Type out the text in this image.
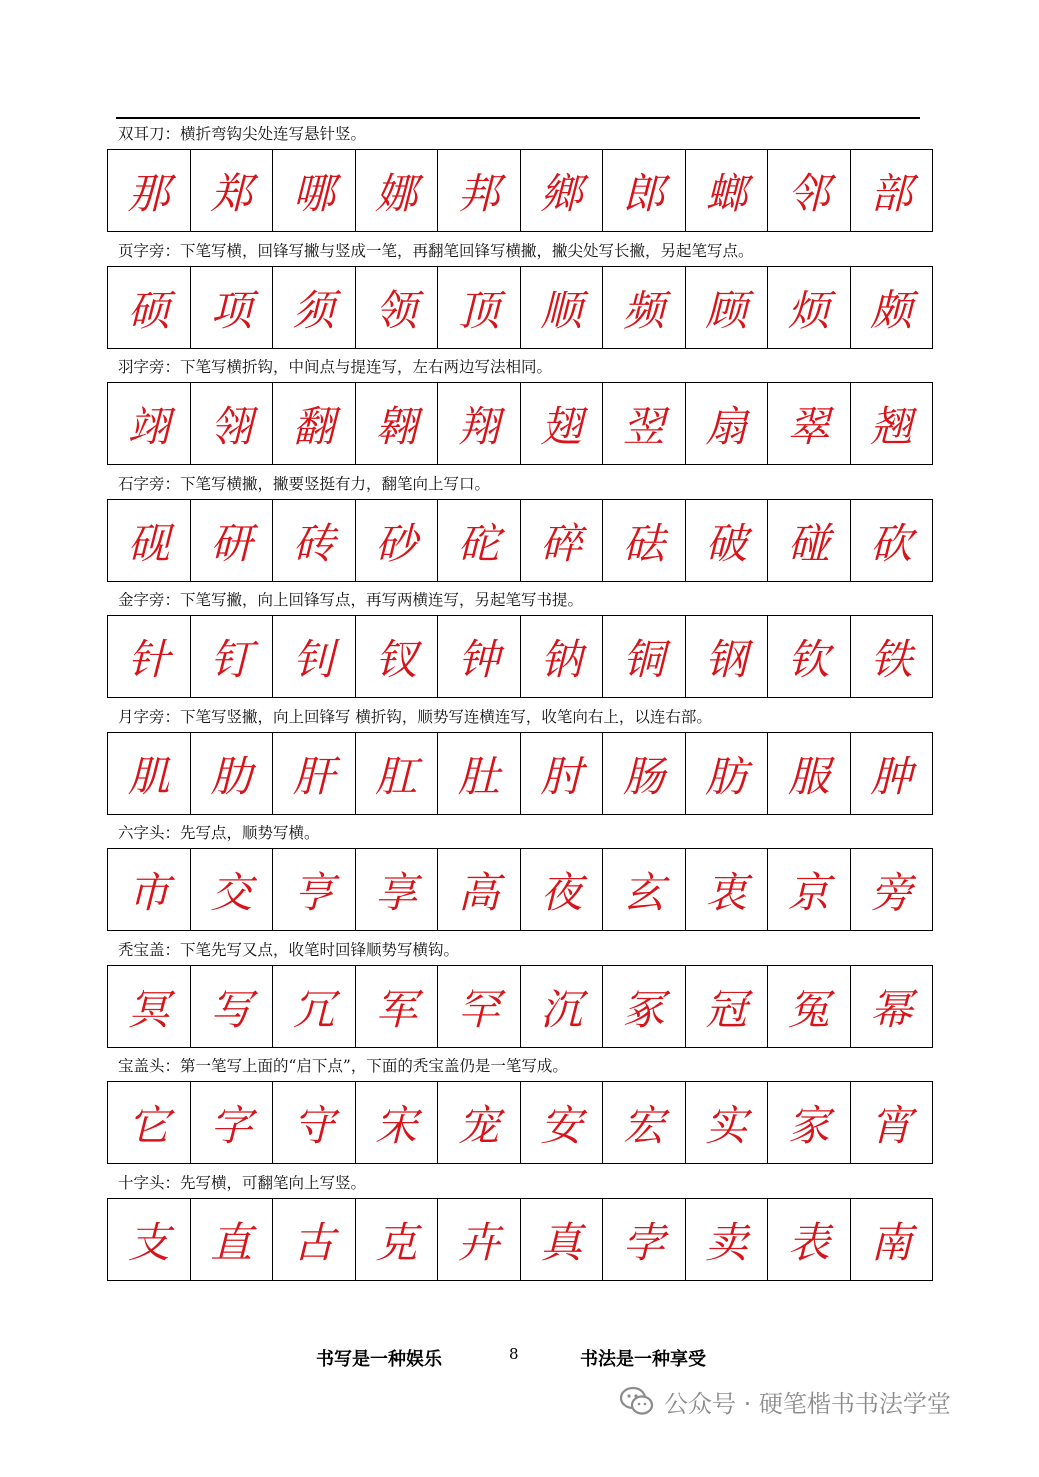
双耳刀：横折弯钩尖处连写悬针竖。
那 郑 哪 娜 邦 鄉 郎 螂 邻 部
页字旁：下笔写横，回锋写撇与竖成一笔，再翻笔回锋写横撇，撇尖处写长撇，另起笔写点。
硕 项 须 领 顶 顺 频 顾 烦 颇
羽字旁：下笔写横折钩，中间点与提连写，左右两边写法相同。
翊 翎 翻 翱 翔 翅 翌 扇 翠 翘
石字旁：下笔写横撇，撇要竖挺有力，翻笔向上写口。
砚 研 砖 砂 砣 碎 砝 破 碰 砍
金字旁：下笔写撇，向上回锋写点，再写两横连写，另起笔写书提。
针 钉 钊 钗 钟 钠 铜 钢 钦 铁
月字旁：下笔写竖撇，向上回锋写 横折钩，顺势写连横连写，收笔向右上，以连右部。
肌 肋 肝 肛 肚 肘 肠 肪 服 肿
六字头：先写点，顺势写横。
市 交 亨 享 高 夜 玄 衷 京 旁
秃宝盖：下笔先写又点，收笔时回锋顺势写横钩。
冥 写 冗 军 罕 沉 冢 冠 冤 幂
宝盖头：第一笔写上面的“启下点”，下面的秃宝盖仍是一笔写成。
它 字 守 宋 宠 安 宏 实 家 宵
十字头：先写横，可翻笔向上写竖。
支 直 古 克 卉 真 孛 卖 表 南
书写是一种娱乐	8	书法是一种享受
公众号 · 硬笔楷书书法学堂
